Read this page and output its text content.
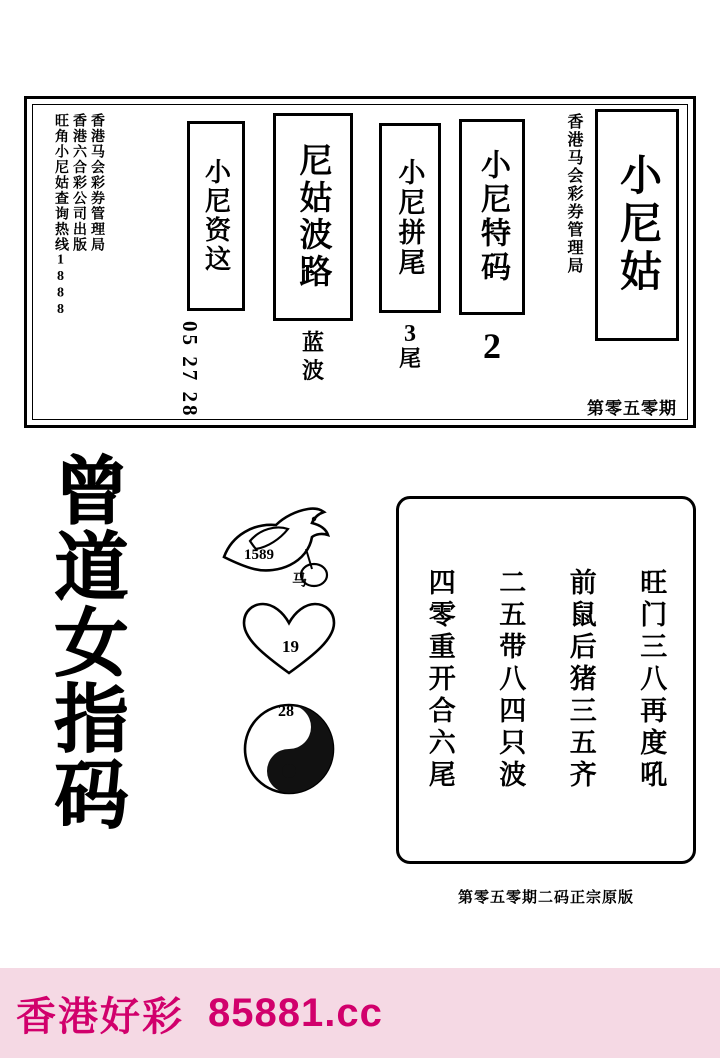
香港马会彩券管理局
香港六合彩公司出版
旺角小尼姑查询热线1888	小尼资这
05 27 28
尼姑波路
蓝
波
小尼拼尾
3
尾
小尼特码
2
香港马会彩券管理局 小尼姑
第零五零期
曾道女指码	1589
马
19
28	旺门三八再度吼
前鼠后猪三五齐
二五带八四只波
四零重开合六尾
第零五零期二码正宗原版
香港好彩 85881.cc
